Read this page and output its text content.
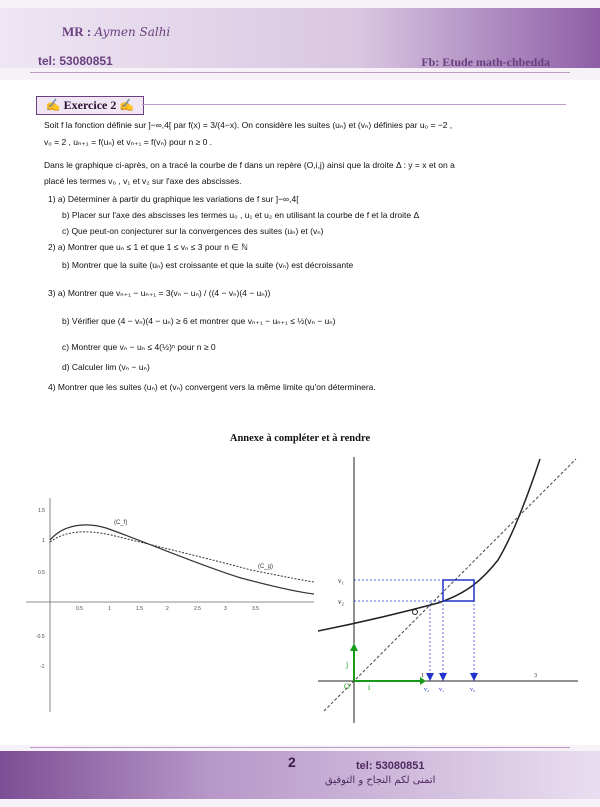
MR : Aymen Salhi
tel: 53080851	Fb: Etude math-chbedda
✍ Exercice 2 ✍
Soit f la fonction définie sur ]−∞,4[ par f(x) = 3/(4−x). On considère les suites (uₙ) et (vₙ) définies par u₀ = −2 ,
v₀ = 2 , uₙ₊₁ = f(uₙ) et vₙ₊₁ = f(vₙ) pour n ≥ 0 .
Dans le graphique ci-après, on a tracé la courbe de f dans un repère (O,i,j) ainsi que la droite Δ : y = x et on a
placé les termes v₀ , v₁ et v₂ sur l'axe des abscisses.
1) a) Déterminer à partir du graphique les variations de f sur ]−∞,4[
b) Placer sur l'axe des abscisses les termes u₀ , u₁ et u₂ en utilisant la courbe de f et la droite Δ
c) Que peut-on conjecturer sur la convergences des suites (uₙ) et (vₙ)
2) a) Montrer que uₙ ≤ 1 et que 1 ≤ vₙ ≤ 3 pour n ∈ ℕ
b) Montrer que la suite (uₙ) est croissante et que la suite (vₙ) est décroissante
3) a) Montrer que vₙ₊₁ − uₙ₊₁ = 3(vₙ − uₙ) / ((4 − vₙ)(4 − uₙ))
b) Vérifier que (4 − vₙ)(4 − uₙ) ≥ 6 et montrer que vₙ₊₁ − uₙ₊₁ ≤ ½(vₙ − uₙ)
c) Montrer que vₙ − uₙ ≤ 4(½)ⁿ pour n ≥ 0
d) Calculer lim (vₙ − uₙ)
4) Montrer que les suites (uₙ) et (vₙ) convergent vers la même limite qu'on déterminera.
Annexe à compléter et à rendre
0.5	1	1.5	2	2.5	3	3.5
1.5
1
0.5
-0.5
-1
(C_f)
(C_g)
v₁
v₂
O i
j
1	3
v₂ v₁	v₀
2	tel: 53080851
اتمنى لكم النجاح و التوفيق
